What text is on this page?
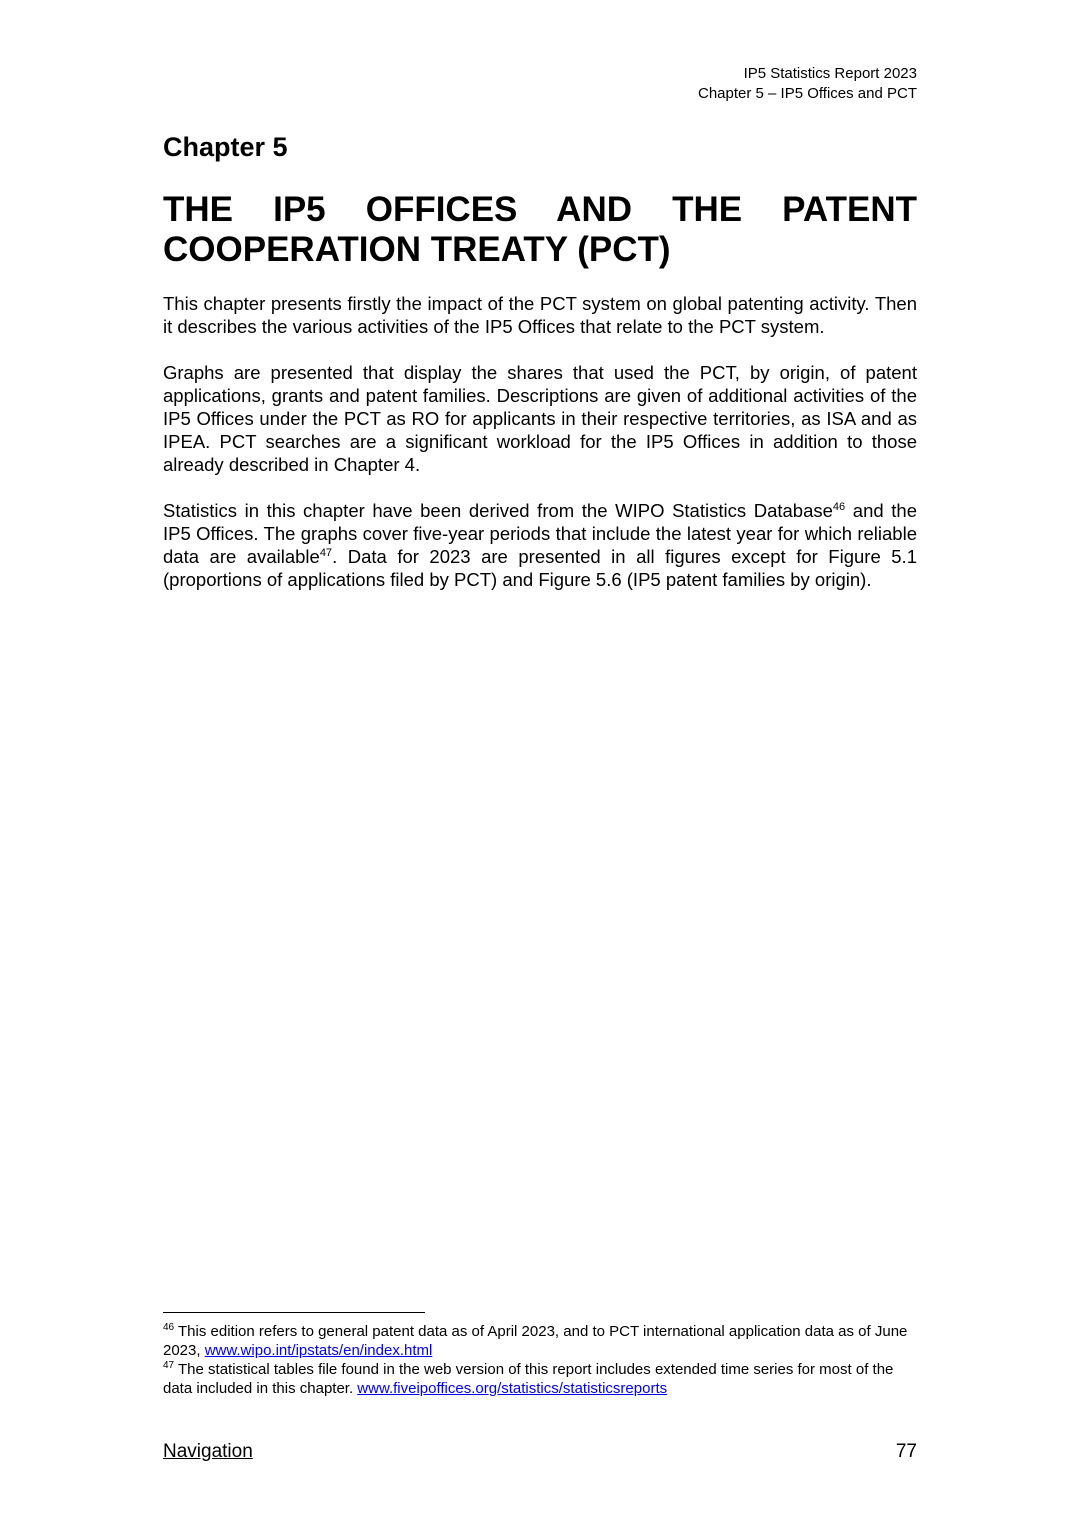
IP5 Statistics Report 2023
Chapter 5 – IP5 Offices and PCT
Chapter 5
THE IP5 OFFICES AND THE PATENT
COOPERATION TREATY (PCT)

This chapter presents firstly the impact of the PCT system on global patenting activity. Then it describes the various activities of the IP5 Offices that relate to the PCT system.

Graphs are presented that display the shares that used the PCT, by origin, of patent applications, grants and patent families. Descriptions are given of additional activities of the IP5 Offices under the PCT as RO for applicants in their respective territories, as ISA and as IPEA. PCT searches are a significant workload for the IP5 Offices in addition to those already described in Chapter 4.

Statistics in this chapter have been derived from the WIPO Statistics Database$^{46}$ and the IP5 Offices. The graphs cover five-year periods that include the latest year for which reliable data are available$^{47}$. Data for 2023 are presented in all figures except for Figure 5.1 (proportions of applications filed by PCT) and Figure 5.6 (IP5 patent families by origin).

$^{46}$ This edition refers to general patent data as of April 2023, and to PCT international application data as of June 2023, www.wipo.int/ipstats/en/index.html

$^{47}$ The statistical tables file found in the web version of this report includes extended time series for most of the data included in this chapter. www.fiveipoffices.org/statistics/statisticsreports

Navigation	77
